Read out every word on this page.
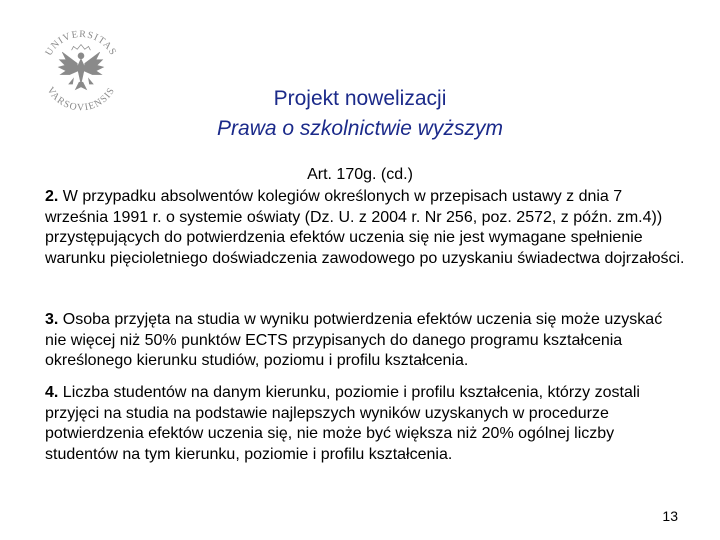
UNIVERSITAS
VARSOVIENSIS	Projekt nowelizacji
Prawa o szkolnictwie wyższym
Art. 170g. (cd.)
2. W przypadku absolwentów kolegiów określonych w przepisach ustawy z dnia 7 września 1991 r. o systemie oświaty (Dz. U. z 2004 r. Nr 256, poz. 2572, z późn. zm.4)) przystępujących do potwierdzenia efektów uczenia się nie jest wymagane spełnienie warunku pięcioletniego doświadczenia zawodowego po uzyskaniu świadectwa dojrzałości.
3. Osoba przyjęta na studia w wyniku potwierdzenia efektów uczenia się może uzyskać nie więcej niż 50% punktów ECTS przypisanych do danego programu kształcenia określonego kierunku studiów, poziomu i profilu kształcenia.
4. Liczba studentów na danym kierunku, poziomie i profilu kształcenia, którzy zostali przyjęci na studia na podstawie najlepszych wyników uzyskanych w procedurze potwierdzenia efektów uczenia się, nie może być większa niż 20% ogólnej liczby studentów na tym kierunku, poziomie i profilu kształcenia.
13
